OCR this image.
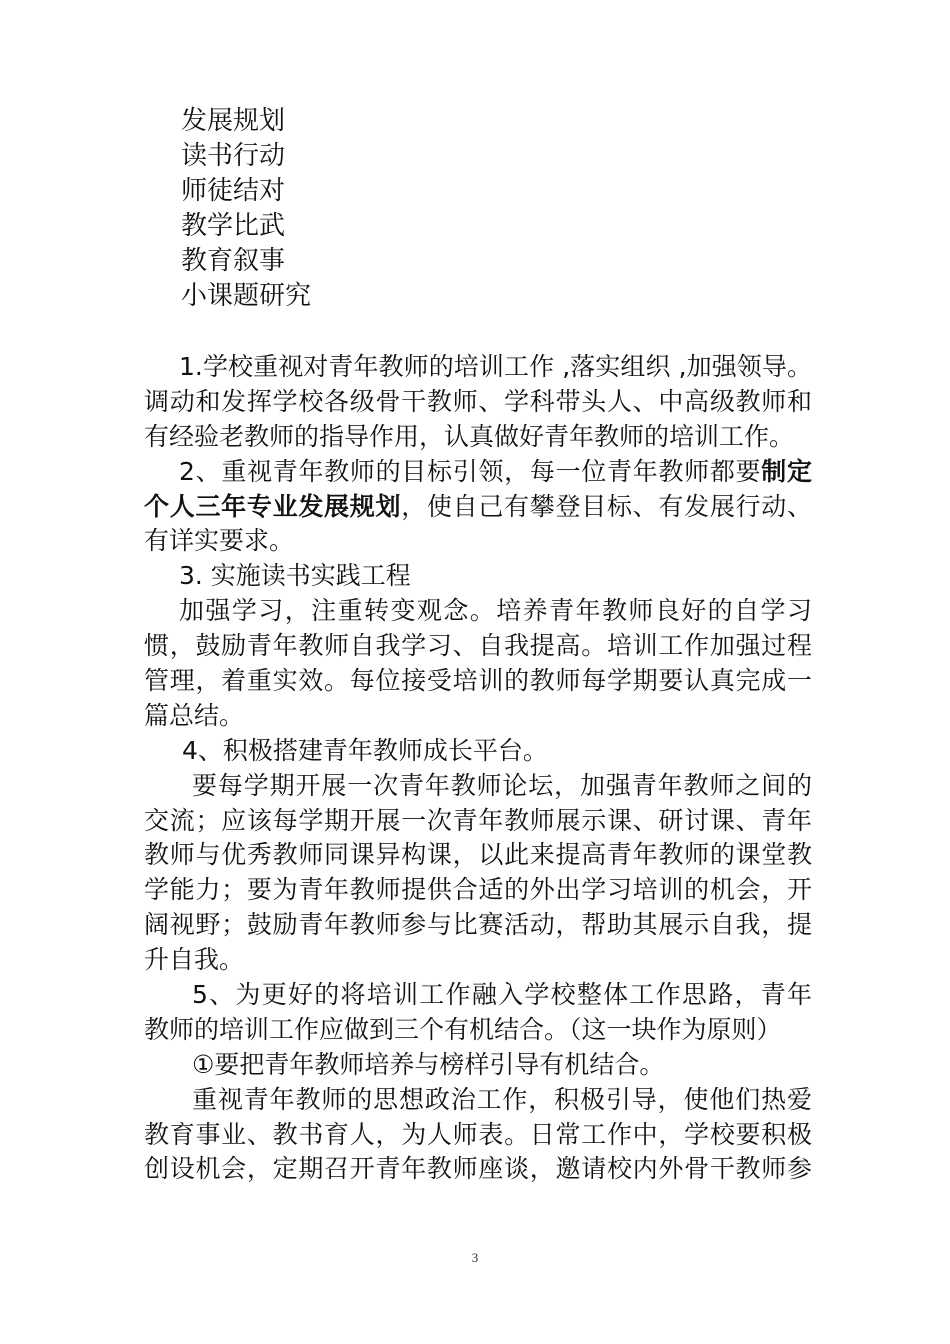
发展规划
读书行动
师徒结对
教学比武
教育叙事
小课题研究
1.学校重视对青年教师的培训工作 ,落实组织 ,加强领导。
调动和发挥学校各级骨干教师、学科带头人、中高级教师和
有经验老教师的指导作用，认真做好青年教师的培训工作。
2、重视青年教师的目标引领，每一位青年教师都要制定
个人三年专业发展规划，使自己有攀登目标、有发展行动、
有详实要求。
3. 实施读书实践工程
加强学习，注重转变观念。培养青年教师良好的自学习
惯，鼓励青年教师自我学习、自我提高。培训工作加强过程
管理，着重实效。每位接受培训的教师每学期要认真完成一
篇总结。
4、积极搭建青年教师成长平台。
要每学期开展一次青年教师论坛，加强青年教师之间的
交流；应该每学期开展一次青年教师展示课、研讨课、青年
教师与优秀教师同课异构课，以此来提高青年教师的课堂教
学能力；要为青年教师提供合适的外出学习培训的机会，开
阔视野；鼓励青年教师参与比赛活动，帮助其展示自我，提
升自我。
5、为更好的将培训工作融入学校整体工作思路，青年
教师的培训工作应做到三个有机结合。（这一块作为原则）
①要把青年教师培养与榜样引导有机结合。
重视青年教师的思想政治工作，积极引导，使他们热爱
教育事业、教书育人，为人师表。日常工作中，学校要积极
创设机会，定期召开青年教师座谈，邀请校内外骨干教师参
3
